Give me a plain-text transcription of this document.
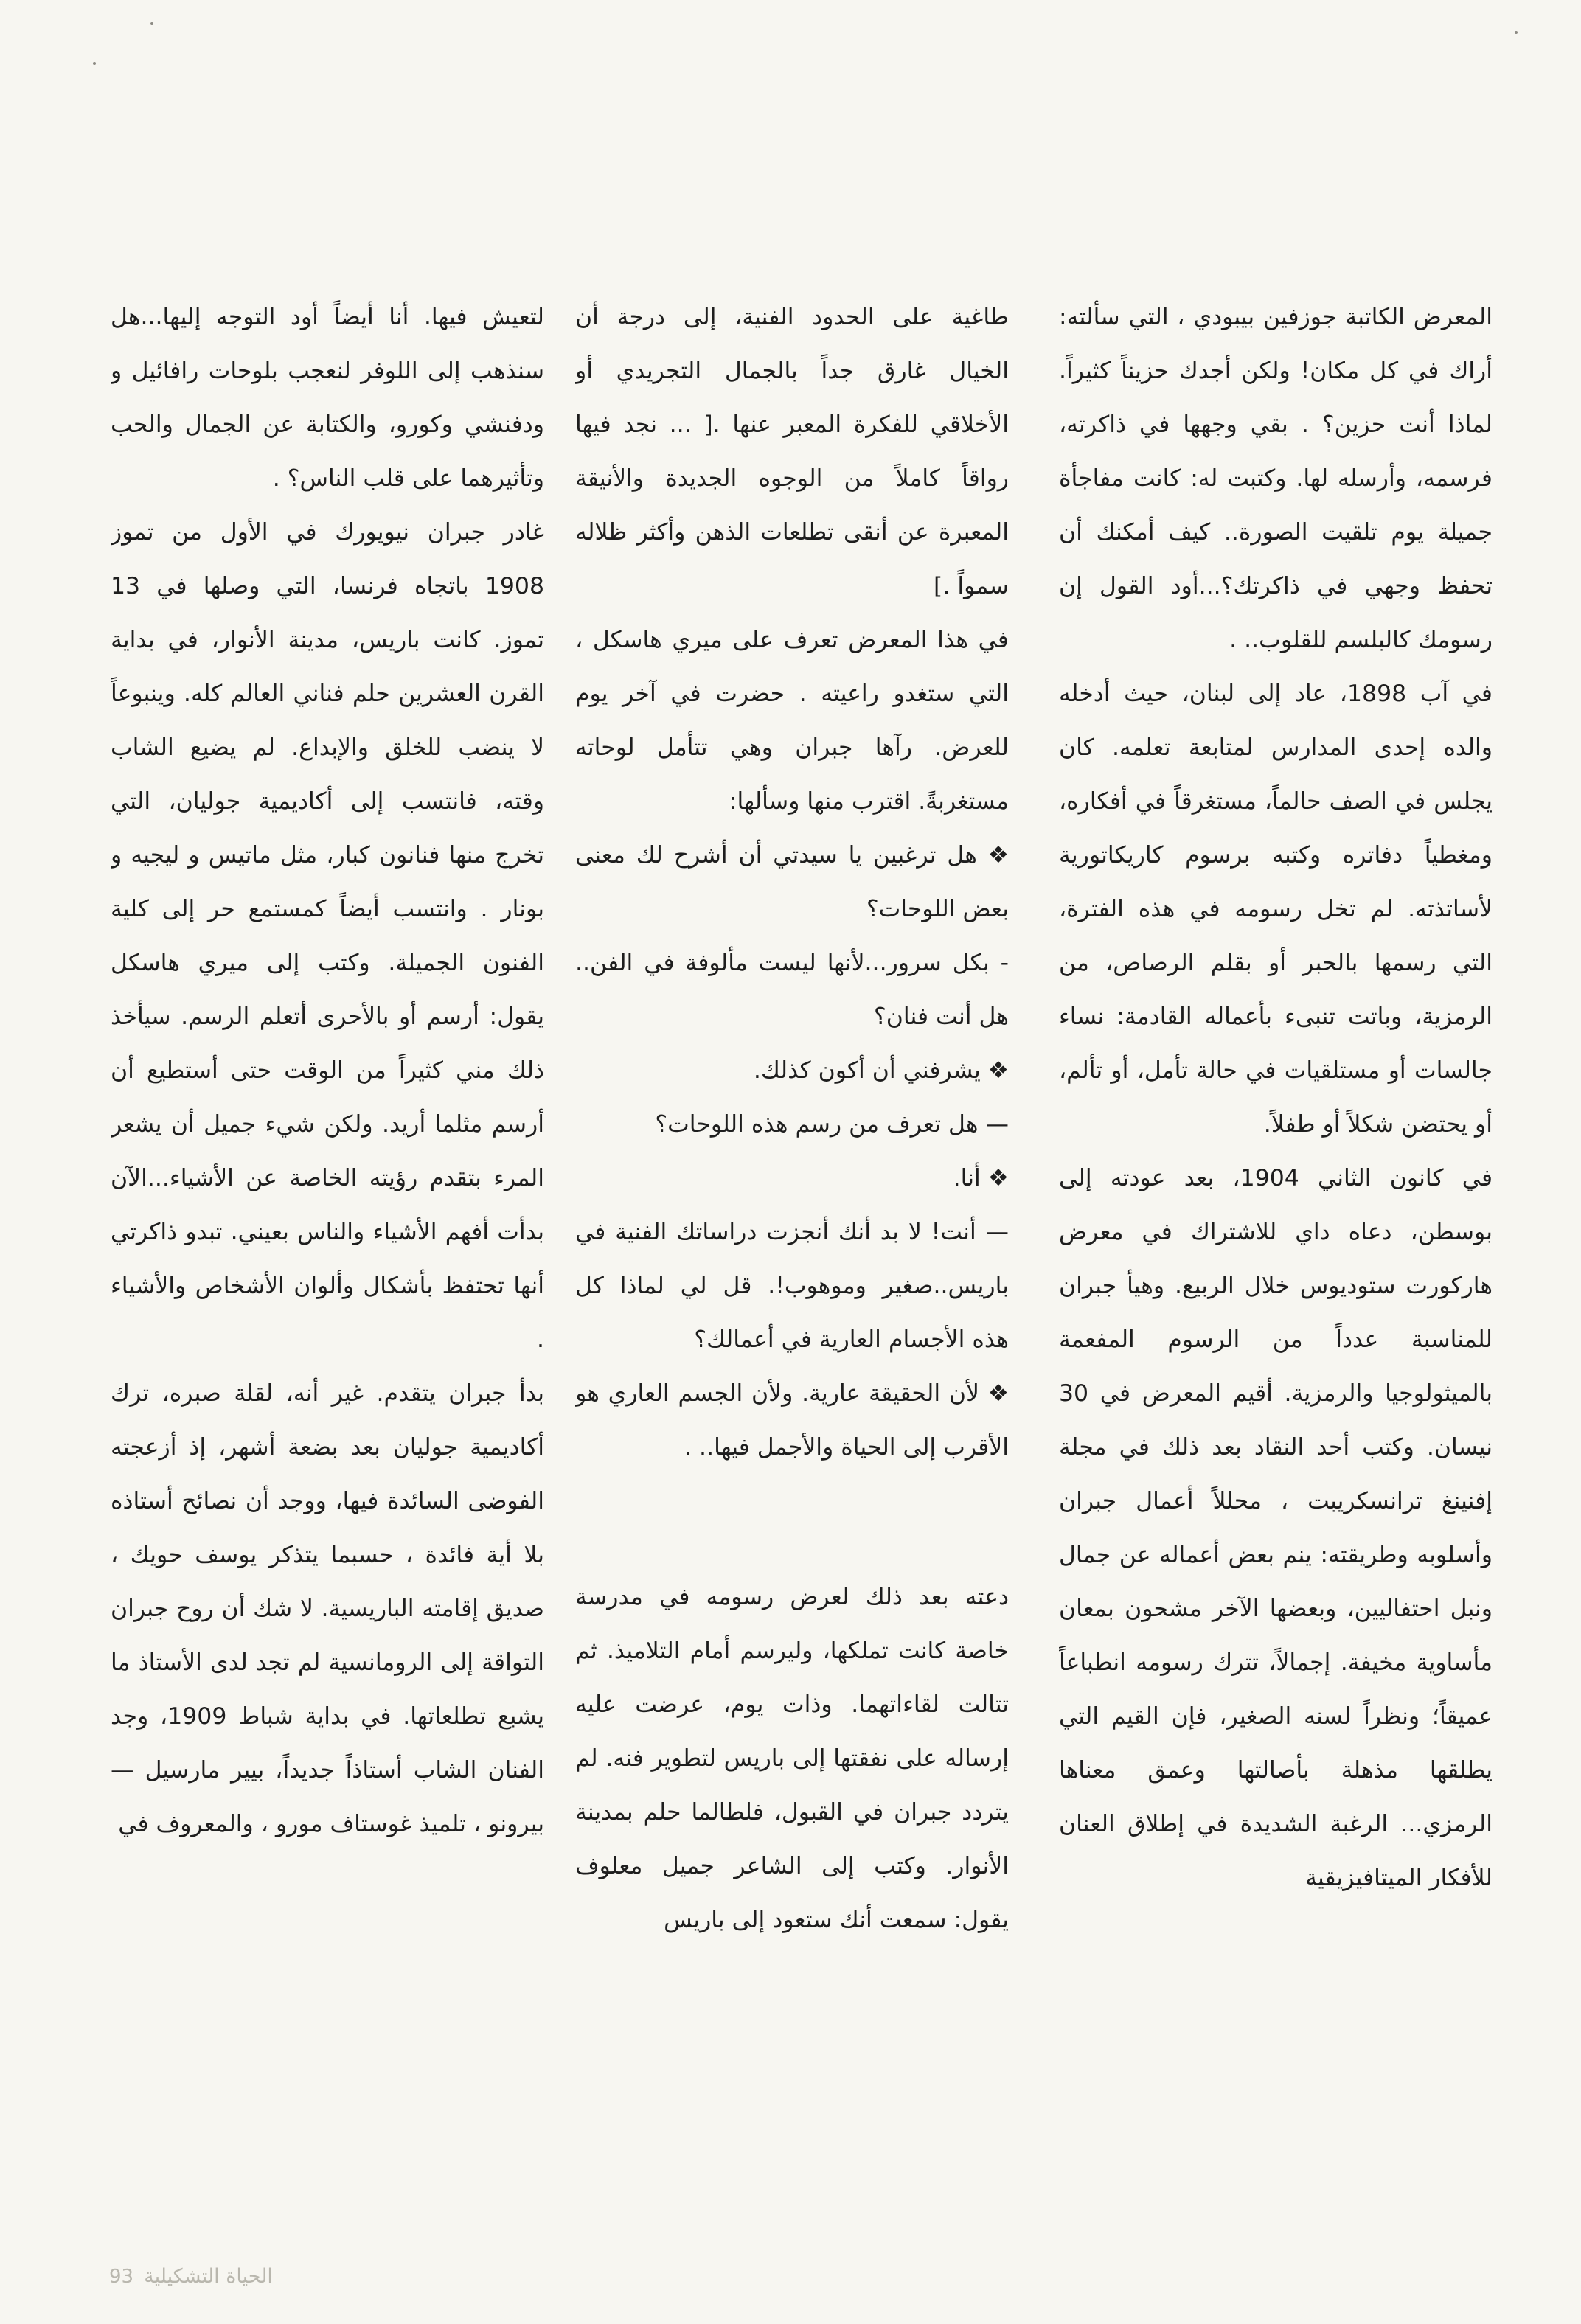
المعرض الكاتبة جوزفين بيبودي ، التي سألته: أراك في كل مكان! ولكن أجدك حزيناً كثيراً. لماذا أنت حزين؟ . بقي وجهها في ذاكرته، فرسمه، وأرسله لها. وكتبت له: كانت مفاجأة جميلة يوم تلقيت الصورة.. كيف أمكنك أن تحفظ وجهي في ذاكرتك؟...أود القول إن رسومك كالبلسم للقلوب.. .

في آب 1898، عاد إلى لبنان، حيث أدخله والده إحدى المدارس لمتابعة تعلمه. كان يجلس في الصف حالماً، مستغرقاً في أفكاره، ومغطياً دفاتره وكتبه برسوم كاريكاتورية لأساتذته. لم تخل رسومه في هذه الفترة، التي رسمها بالحبر أو بقلم الرصاص، من الرمزية، وباتت تنبىء بأعماله القادمة: نساء جالسات أو مستلقيات في حالة تأمل، أو تألم، أو يحتضن شكلاً أو طفلاً.

في كانون الثاني 1904، بعد عودته إلى بوسطن، دعاه داي للاشتراك في معرض هاركورت ستوديوس خلال الربيع. وهيأ جبران للمناسبة عدداً من الرسوم المفعمة بالميثولوجيا والرمزية. أقيم المعرض في 30 نيسان. وكتب أحد النقاد بعد ذلك في مجلة إفنينغ ترانسكريبت ، محللاً أعمال جبران وأسلوبه وطريقته: ينم بعض أعماله عن جمال ونبل احتفاليين، وبعضها الآخر مشحون بمعان مأساوية مخيفة. إجمالاً، تترك رسومه انطباعاً عميقاً؛ ونظراً لسنه الصغير، فإن القيم التي يطلقها مذهلة بأصالتها وعمق معناها الرمزي... الرغبة الشديدة في إطلاق العنان للأفكار الميتافيزيقية

طاغية على الحدود الفنية، إلى درجة أن الخيال غارق جداً بالجمال التجريدي أو الأخلاقي للفكرة المعبر عنها .[ ... نجد فيها رواقاً كاملاً من الوجوه الجديدة والأنيقة المعبرة عن أنقى تطلعات الذهن وأكثر ظلاله سمواً .]

في هذا المعرض تعرف على ميري هاسكل ، التي ستغدو راعيته . حضرت في آخر يوم للعرض. رآها جبران وهي تتأمل لوحاته مستغربةً. اقترب منها وسألها:

❖ هل ترغبين يا سيدتي أن أشرح لك معنى بعض اللوحات؟

- بكل سرور...لأنها ليست مألوفة في الفن.. هل أنت فنان؟

❖ يشرفني أن أكون كذلك.

— هل تعرف من رسم هذه اللوحات؟

❖ أنا.

— أنت! لا بد أنك أنجزت دراساتك الفنية في باريس..صغير وموهوب!. قل لي لماذا كل هذه الأجسام العارية في أعمالك؟

❖ لأن الحقيقة عارية. ولأن الجسم العاري هو الأقرب إلى الحياة والأجمل فيها.. .

دعته بعد ذلك لعرض رسومه في مدرسة خاصة كانت تملكها، وليرسم أمام التلاميذ. ثم تتالت لقاءاتهما. وذات يوم، عرضت عليه إرساله على نفقتها إلى باريس لتطوير فنه. لم يتردد جبران في القبول، فلطالما حلم بمدينة الأنوار. وكتب إلى الشاعر جميل معلوف يقول: سمعت أنك ستعود إلى باريس

لتعيش فيها. أنا أيضاً أود التوجه إليها...هل سنذهب إلى اللوفر لنعجب بلوحات رافائيل و ودفنشي وكورو، والكتابة عن الجمال والحب وتأثيرهما على قلب الناس؟ .

غادر جبران نيويورك في الأول من تموز 1908 باتجاه فرنسا، التي وصلها في 13 تموز. كانت باريس، مدينة الأنوار، في بداية القرن العشرين حلم فناني العالم كله. وينبوعاً لا ينضب للخلق والإبداع. لم يضيع الشاب وقته، فانتسب إلى أكاديمية جوليان، التي تخرج منها فنانون كبار، مثل ماتيس و ليجيه و بونار . وانتسب أيضاً كمستمع حر إلى كلية الفنون الجميلة. وكتب إلى ميري هاسكل يقول: أرسم أو بالأحرى أتعلم الرسم. سيأخذ ذلك مني كثيراً من الوقت حتى أستطيع أن أرسم مثلما أريد. ولكن شيء جميل أن يشعر المرء بتقدم رؤيته الخاصة عن الأشياء...الآن بدأت أفهم الأشياء والناس بعيني. تبدو ذاكرتي أنها تحتفظ بأشكال وألوان الأشخاص والأشياء .

بدأ جبران يتقدم. غير أنه، لقلة صبره، ترك أكاديمية جوليان بعد بضعة أشهر، إذ أزعجته الفوضى السائدة فيها، ووجد أن نصائح أستاذه بلا أية فائدة ، حسبما يتذكر يوسف حويك ، صديق إقامته الباريسية. لا شك أن روح جبران التواقة إلى الرومانسية لم تجد لدى الأستاذ ما يشبع تطلعاتها. في بداية شباط 1909، وجد الفنان الشاب أستاذاً جديداً، بيير مارسيل — بيرونو ، تلميذ غوستاف مورو ، والمعروف في

الحياة التشكيلية93
